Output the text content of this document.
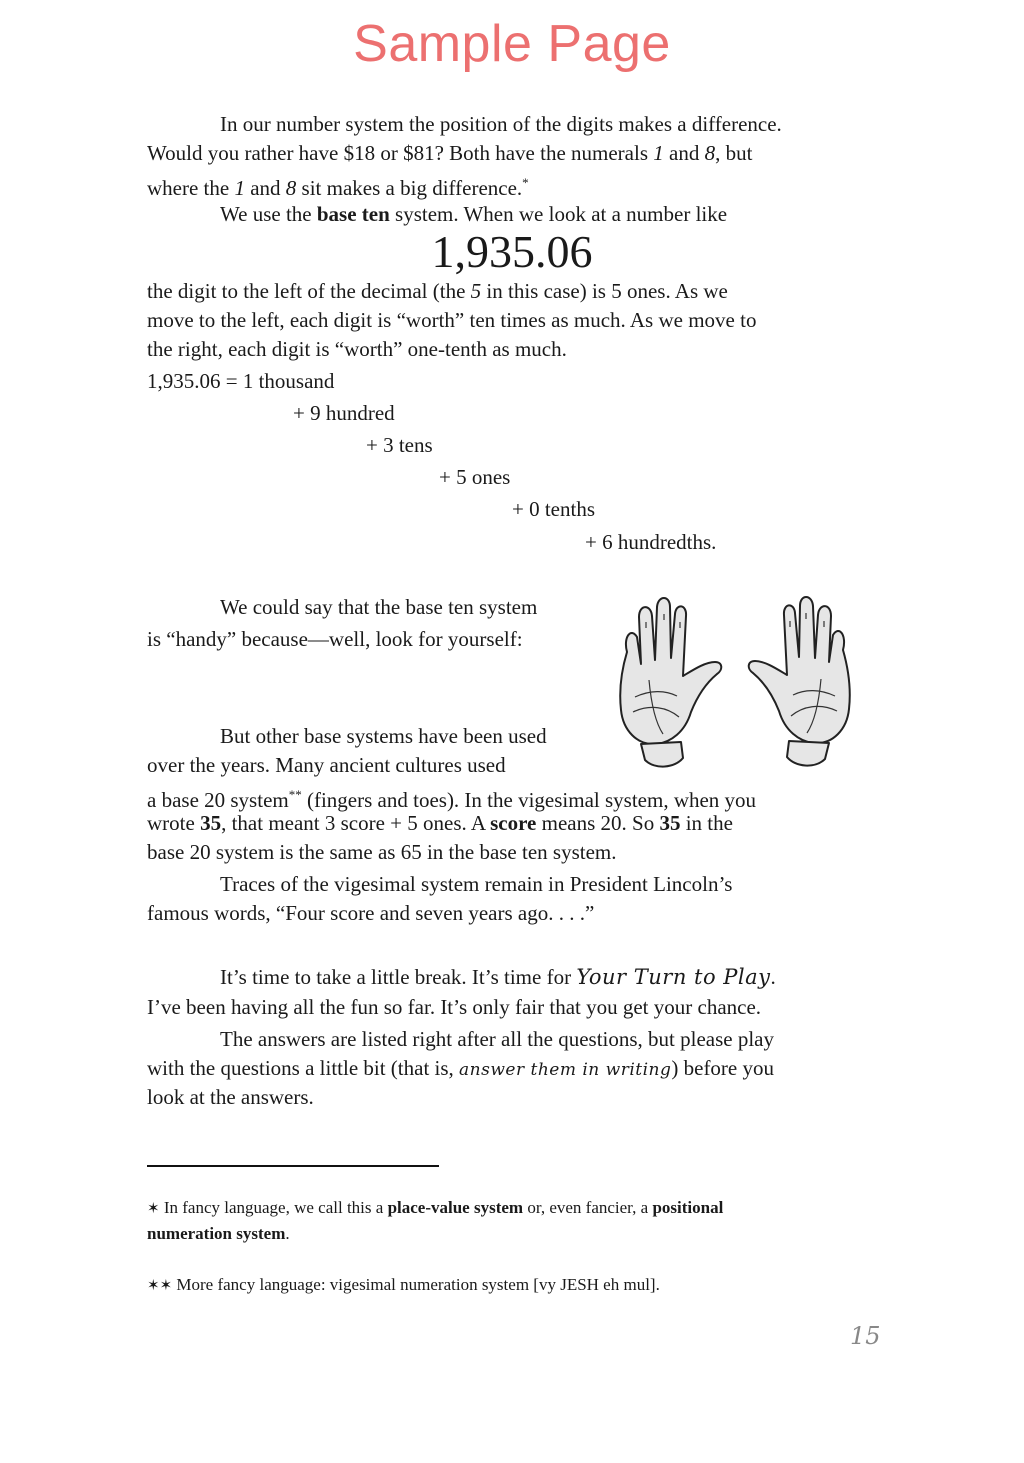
Sample Page
In our number system the position of the digits makes a difference.
Would you rather have $18 or $81? Both have the numerals 1 and 8, but
where the 1 and 8 sit makes a big difference.*
We use the base ten system. When we look at a number like
1,935.06
the digit to the left of the decimal (the 5 in this case) is 5 ones. As we
move to the left, each digit is “worth” ten times as much. As we move to
the right, each digit is “worth” one-tenth as much.
1,935.06 = 1 thousand
+ 9 hundred
+ 3 tens
+ 5 ones
+ 0 tenths
+ 6 hundredths.
We could say that the base ten system
is “handy” because—well, look for yourself:
But other base systems have been used
over the years. Many ancient cultures used
a base 20 system** (fingers and toes). In the vigesimal system, when you
wrote 35, that meant 3 score + 5 ones. A score means 20. So 35 in the
base 20 system is the same as 65 in the base ten system.
Traces of the vigesimal system remain in President Lincoln’s
famous words, “Four score and seven years ago. . . .”
It’s time to take a little break. It’s time for Your Turn to Play.
I’ve been having all the fun so far. It’s only fair that you get your chance.
The answers are listed right after all the questions, but please play
with the questions a little bit (that is, answer them in writing) before you
look at the answers.
✶ In fancy language, we call this a place-value system or, even fancier, a positional
numeration system.
✶✶ More fancy language: vigesimal numeration system [vy JESH eh mul].
15
